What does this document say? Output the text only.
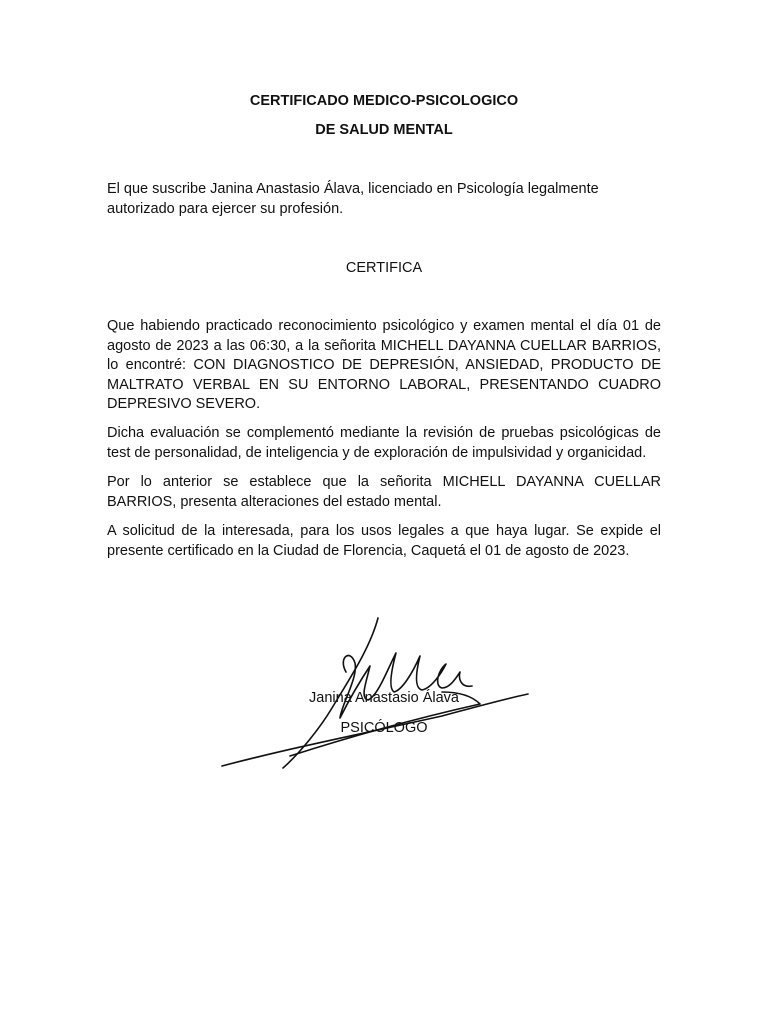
CERTIFICADO MEDICO-PSICOLOGICO
DE SALUD MENTAL

El que suscribe Janina Anastasio Álava, licenciado en Psicología legalmente autorizado para ejercer su profesión.

CERTIFICA

Que habiendo practicado reconocimiento psicológico y examen mental el día 01 de agosto de 2023 a las 06:30, a la señorita MICHELL DAYANNA CUELLAR BARRIOS, lo encontré: CON DIAGNOSTICO DE DEPRESIÓN, ANSIEDAD, PRODUCTO DE MALTRATO VERBAL EN SU ENTORNO LABORAL, PRESENTANDO CUADRO DEPRESIVO SEVERO.

Dicha evaluación se complementó mediante la revisión de pruebas psicológicas de test de personalidad, de inteligencia y de exploración de impulsividad y organicidad.

Por lo anterior se establece que la señorita MICHELL DAYANNA CUELLAR BARRIOS, presenta alteraciones del estado mental.

A solicitud de la interesada, para los usos legales a que haya lugar. Se expide el presente certificado en la Ciudad de Florencia, Caquetá el 01 de agosto de 2023.

Janina Anastasio Álava
PSICÓLOGO
